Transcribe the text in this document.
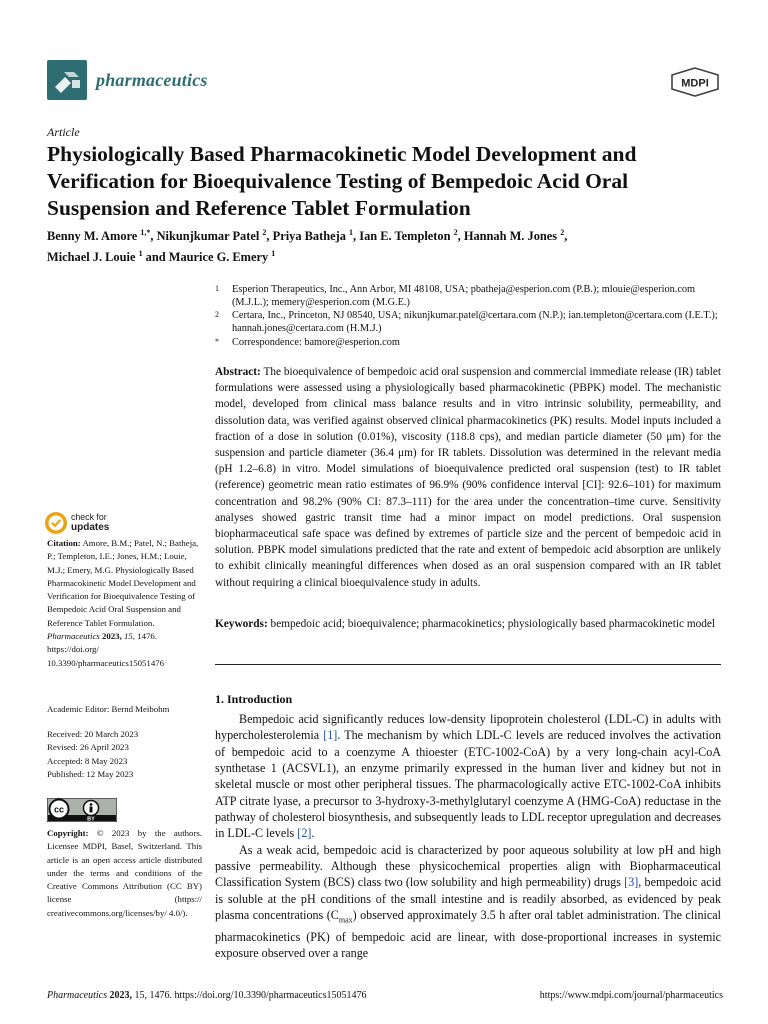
pharmaceutics	MDPI
Article
Physiologically Based Pharmacokinetic Model Development and Verification for Bioequivalence Testing of Bempedoic Acid Oral Suspension and Reference Tablet Formulation
Benny M. Amore $^{1,*}$, Nikunjkumar Patel $^2$, Priya Batheja $^1$, Ian E. Templeton $^2$, Hannah M. Jones $^2$,
Michael J. Louie $^1$ and Maurice G. Emery $^1$
1 Esperion Therapeutics, Inc., Ann Arbor, MI 48108, USA; pbatheja@esperion.com (P.B.); mlouie@esperion.com (M.J.L.); memery@esperion.com (M.G.E.)
2 Certara, Inc., Princeton, NJ 08540, USA; nikunjkumar.patel@certara.com (N.P.); ian.templeton@certara.com (I.E.T.); hannah.jones@certara.com (H.M.J.)
* Correspondence: bamore@esperion.com
Abstract: The bioequivalence of bempedoic acid oral suspension and commercial immediate release (IR) tablet formulations were assessed using a physiologically based pharmacokinetic (PBPK) model. The mechanistic model, developed from clinical mass balance results and in vitro intrinsic solubility, permeability, and dissolution data, was verified against observed clinical pharmacokinetics (PK) results. Model inputs included a fraction of a dose in solution (0.01%), viscosity (118.8 cps), and median particle diameter (50 μm) for the suspension and particle diameter (36.4 μm) for IR tablets. Dissolution was determined in the relevant media (pH 1.2–6.8) in vitro. Model simulations of bioequivalence predicted oral suspension (test) to IR tablet (reference) geometric mean ratio estimates of 96.9% (90% confidence interval [CI]: 92.6–101) for maximum concentration and 98.2% (90% CI: 87.3–111) for the area under the concentration–time curve. Sensitivity analyses showed gastric transit time had a minor impact on model predictions. Oral suspension biopharmaceutical safe space was defined by extremes of particle size and the percent of bempedoic acid in solution. PBPK model simulations predicted that the rate and extent of bempedoic acid absorption are unlikely to exhibit clinically meaningful differences when dosed as an oral suspension compared with an IR tablet without requiring a clinical bioequivalence study in adults.
Keywords: bempedoic acid; bioequivalence; pharmacokinetics; physiologically based pharmacokinetic model
1. Introduction

Bempedoic acid significantly reduces low-density lipoprotein cholesterol (LDL-C) in adults with hypercholesterolemia [1]. The mechanism by which LDL-C levels are reduced involves the activation of bempedoic acid to a coenzyme A thioester (ETC-1002-CoA) by a very long-chain acyl-CoA synthetase 1 (ACSVL1), an enzyme primarily expressed in the human liver and kidney but not in skeletal muscle or most other peripheral tissues. The pharmacologically active ETC-1002-CoA inhibits ATP citrate lyase, a precursor to 3-hydroxy-3-methylglutaryl coenzyme A (HMG-CoA) reductase in the pathway of cholesterol biosynthesis, and subsequently leads to LDL receptor upregulation and decreases in LDL-C levels [2].

As a weak acid, bempedoic acid is characterized by poor aqueous solubility at low pH and high passive permeability. Although these physicochemical properties align with Biopharmaceutical Classification System (BCS) class two (low solubility and high permeability) drugs [3], bempedoic acid is soluble at the pH conditions of the small intestine and is readily absorbed, as evidenced by peak plasma concentrations $(C_{max})$ observed approximately 3.5 h after oral tablet administration. The clinical pharmacokinetics (PK) of bempedoic acid are linear, with dose-proportional increases in systemic exposure observed over a range

check for
updates
Citation: Amore, B.M.; Patel, N.; Batheja, P.; Templeton, I.E.; Jones, H.M.; Louie, M.J.; Emery, M.G. Physiologically Based Pharmacokinetic Model Development and Verification for Bioequivalence Testing of Bempedoic Acid Oral Suspension and Reference Tablet Formulation. Pharmaceutics 2023, 15, 1476. https://doi.org/ 10.3390/pharmaceutics15051476
Academic Editor: Bernd Meibohm
Received: 20 March 2023
Revised: 26 April 2023
Accepted: 8 May 2023
Published: 12 May 2023
cc
BY
Copyright: © 2023 by the authors. Licensee MDPI, Basel, Switzerland. This article is an open access article distributed under the terms and conditions of the Creative Commons Attribution (CC BY) license (https:// creativecommons.org/licenses/by/ 4.0/).
Pharmaceutics 2023, 15, 1476. https://doi.org/10.3390/pharmaceutics15051476	https://www.mdpi.com/journal/pharmaceutics
